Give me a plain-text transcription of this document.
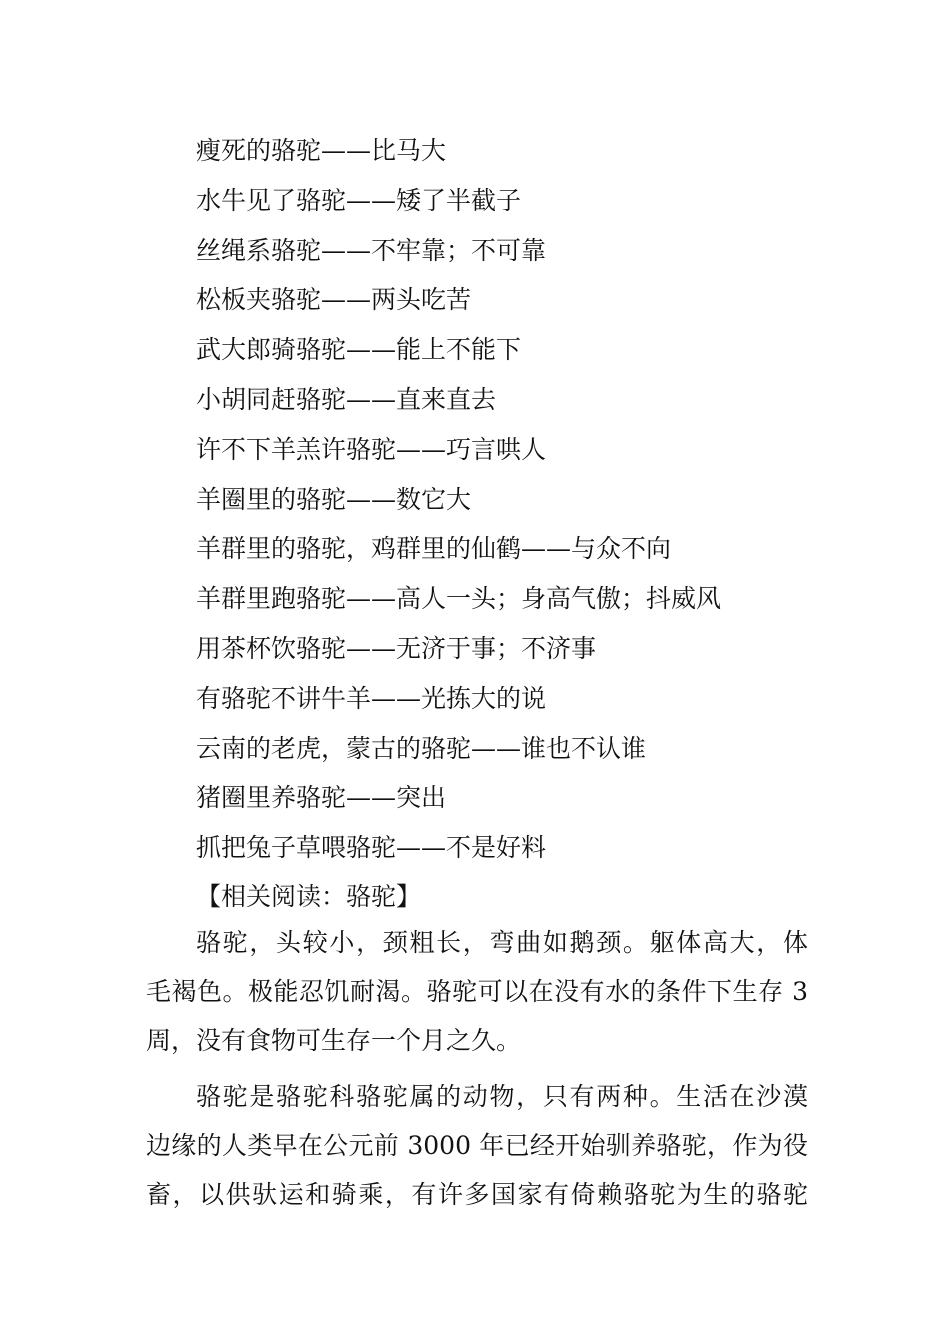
瘦死的骆驼——比马大
水牛见了骆驼——矮了半截子
丝绳系骆驼——不牢靠；不可靠
松板夹骆驼——两头吃苦
武大郎骑骆驼——能上不能下
小胡同赶骆驼——直来直去
许不下羊羔许骆驼——巧言哄人
羊圈里的骆驼——数它大
羊群里的骆驼，鸡群里的仙鹤——与众不向
羊群里跑骆驼——高人一头；身高气傲；抖威风
用茶杯饮骆驼——无济于事；不济事
有骆驼不讲牛羊——光拣大的说
云南的老虎，蒙古的骆驼——谁也不认谁
猪圈里养骆驼——突出
抓把兔子草喂骆驼——不是好料
【相关阅读：骆驼】
骆驼，头较小，颈粗长，弯曲如鹅颈。躯体高大，体
毛褐色。极能忍饥耐渴。骆驼可以在没有水的条件下生存 3
周，没有食物可生存一个月之久。
骆驼是骆驼科骆驼属的动物，只有两种。生活在沙漠
边缘的人类早在公元前 3000 年已经开始驯养骆驼，作为役
畜，以供驮运和骑乘，有许多国家有倚赖骆驼为生的骆驼
